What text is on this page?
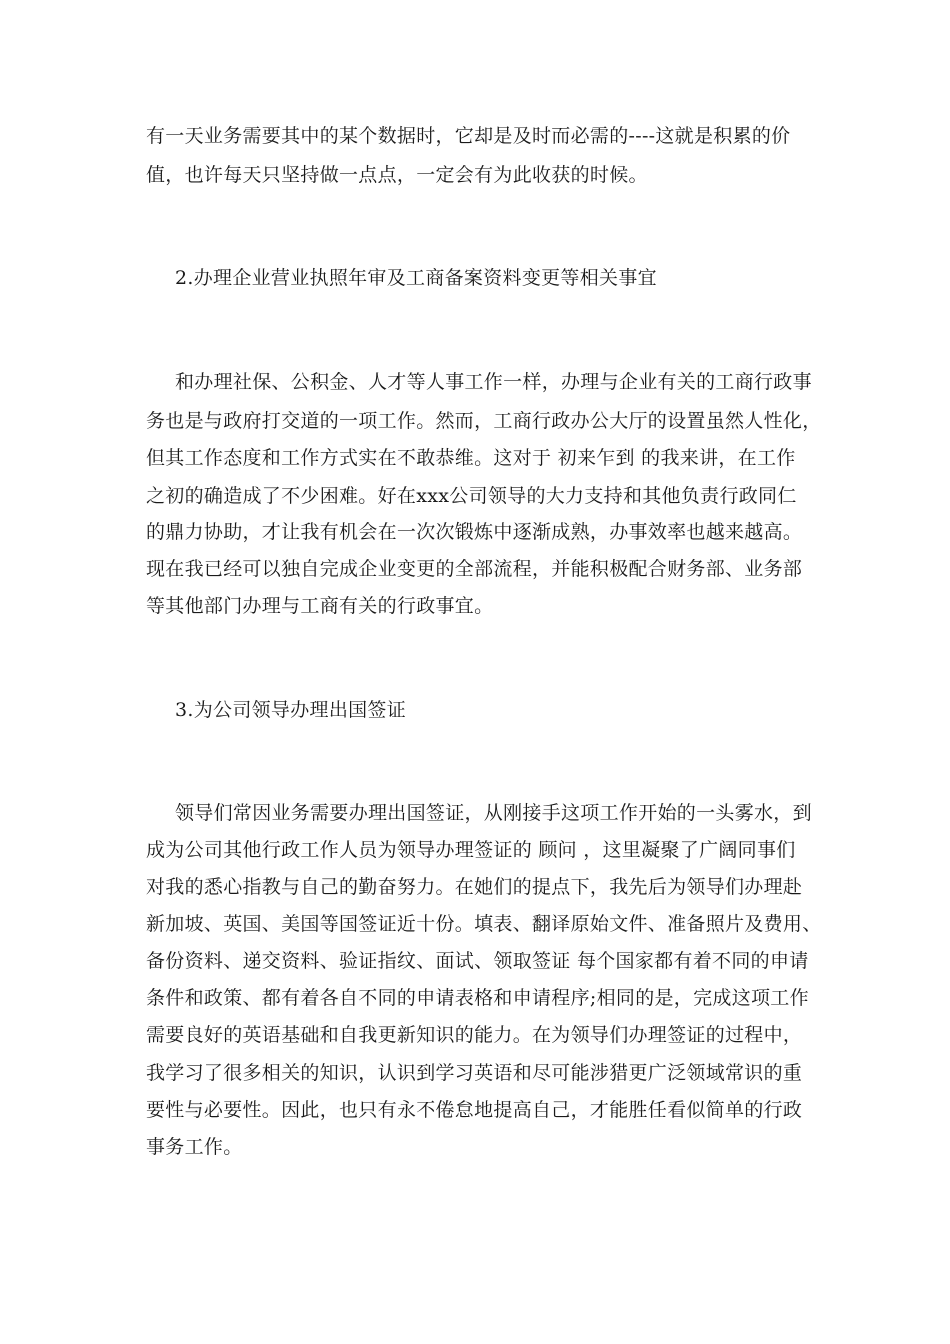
有一天业务需要其中的某个数据时，它却是及时而必需的----这就是积累的价

值，也许每天只坚持做一点点，一定会有为此收获的时候。

2.办理企业营业执照年审及工商备案资料变更等相关事宜

和办理社保、公积金、人才等人事工作一样，办理与企业有关的工商行政事

务也是与政府打交道的一项工作。然而，工商行政办公大厅的设置虽然人性化，

但其工作态度和工作方式实在不敢恭维。这对于 初来乍到 的我来讲，在工作

之初的确造成了不少困难。好在xxx公司领导的大力支持和其他负责行政同仁

的鼎力协助，才让我有机会在一次次锻炼中逐渐成熟，办事效率也越来越高。

现在我已经可以独自完成企业变更的全部流程，并能积极配合财务部、业务部

等其他部门办理与工商有关的行政事宜。

3.为公司领导办理出国签证

领导们常因业务需要办理出国签证，从刚接手这项工作开始的一头雾水，到

成为公司其他行政工作人员为领导办理签证的 顾问 ，这里凝聚了广阔同事们

对我的悉心指教与自己的勤奋努力。在她们的提点下，我先后为领导们办理赴

新加坡、英国、美国等国签证近十份。填表、翻译原始文件、准备照片及费用、

备份资料、递交资料、验证指纹、面试、领取签证 每个国家都有着不同的申请

条件和政策、都有着各自不同的申请表格和申请程序;相同的是，完成这项工作

需要良好的英语基础和自我更新知识的能力。在为领导们办理签证的过程中，

我学习了很多相关的知识，认识到学习英语和尽可能涉猎更广泛领域常识的重

要性与必要性。因此，也只有永不倦怠地提高自己，才能胜任看似简单的行政

事务工作。
